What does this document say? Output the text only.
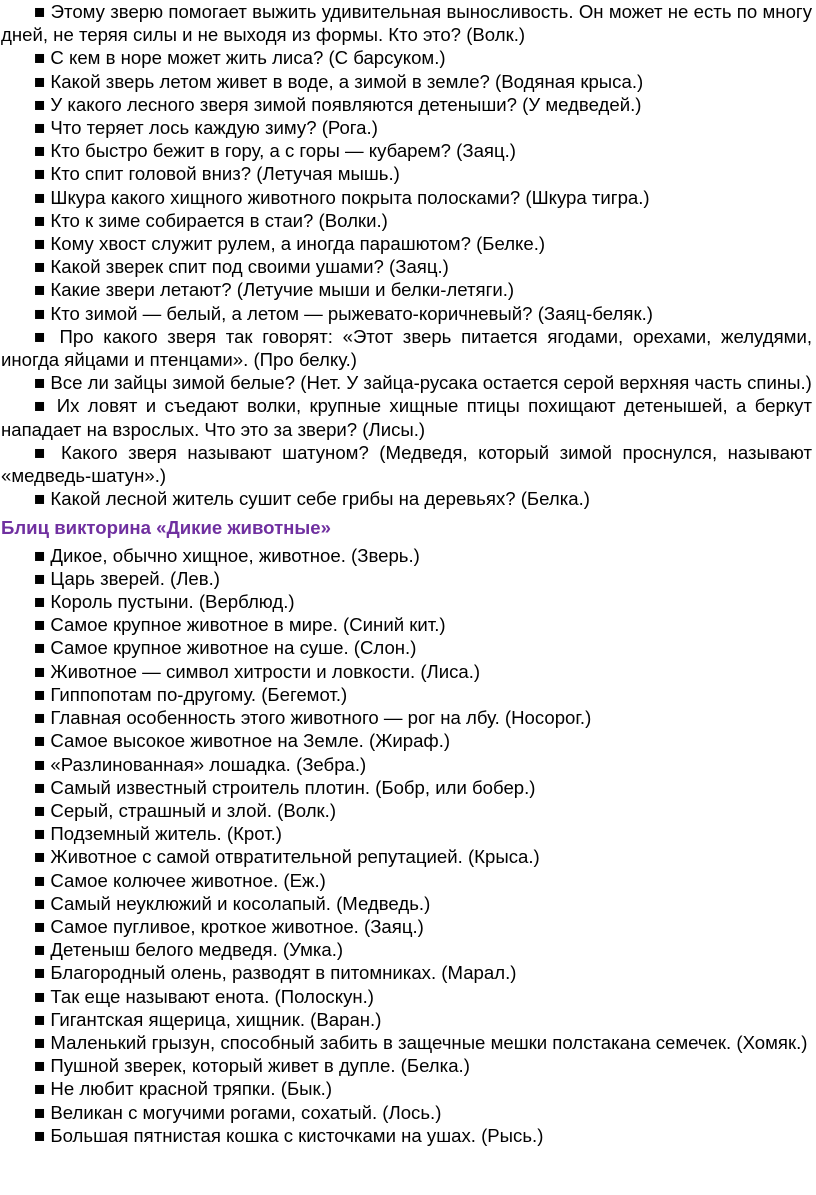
■ Этому зверю помогает выжить удивительная выносливость. Он может не есть по многу дней, не теряя силы и не выходя из формы. Кто это? (Волк.)

■ С кем в норе может жить лиса? (С барсуком.)

■ Какой зверь летом живет в воде, а зимой в земле? (Водяная крыса.)

■ У какого лесного зверя зимой появляются детеныши? (У медведей.)

■ Что теряет лось каждую зиму? (Рога.)

■ Кто быстро бежит в гору, а с горы — кубарем? (Заяц.)

■ Кто спит головой вниз? (Летучая мышь.)

■ Шкура какого хищного животного покрыта полосками? (Шкура тигра.)

■ Кто к зиме собирается в стаи? (Волки.)

■ Кому хвост служит рулем, а иногда парашютом? (Белке.)

■ Какой зверек спит под своими ушами? (Заяц.)

■ Какие звери летают? (Летучие мыши и белки-летяги.)

■ Кто зимой — белый, а летом — рыжевато-коричневый? (Заяц-беляк.)

■ Про какого зверя так говорят: «Этот зверь питается ягодами, орехами, желудями, иногда яйцами и птенцами». (Про белку.)

■ Все ли зайцы зимой белые? (Нет. У зайца-русака остается серой верхняя часть спины.)

■ Их ловят и съедают волки, крупные хищные птицы похищают детенышей, а беркут нападает на взрослых. Что это за звери? (Лисы.)

■ Какого зверя называют шатуном? (Медведя, который зимой проснулся, называют «медведь-шатун».)

■ Какой лесной житель сушит себе грибы на деревьях? (Белка.)

Блиц викторина «Дикие животные»

■ Дикое, обычно хищное, животное. (Зверь.)

■ Царь зверей. (Лев.)

■ Король пустыни. (Верблюд.)

■ Самое крупное животное в мире. (Синий кит.)

■ Самое крупное животное на суше. (Слон.)

■ Животное — символ хитрости и ловкости. (Лиса.)

■ Гиппопотам по-другому. (Бегемот.)

■ Главная особенность этого животного — рог на лбу. (Носорог.)

■ Самое высокое животное на Земле. (Жираф.)

■ «Разлинованная» лошадка. (Зебра.)

■ Самый известный строитель плотин. (Бобр, или бобер.)

■ Серый, страшный и злой. (Волк.)

■ Подземный житель. (Крот.)

■ Животное с самой отвратительной репутацией. (Крыса.)

■ Самое колючее животное. (Еж.)

■ Самый неуклюжий и косолапый. (Медведь.)

■ Самое пугливое, кроткое животное. (Заяц.)

■ Детеныш белого медведя. (Умка.)

■ Благородный олень, разводят в питомниках. (Марал.)

■ Так еще называют енота. (Полоскун.)

■ Гигантская ящерица, хищник. (Варан.)

■ Маленький грызун, способный забить в защечные мешки полстакана семечек. (Хомяк.)

■ Пушной зверек, который живет в дупле. (Белка.)

■ Не любит красной тряпки. (Бык.)

■ Великан с могучими рогами, сохатый. (Лось.)

■ Большая пятнистая кошка с кисточками на ушах. (Рысь.)
